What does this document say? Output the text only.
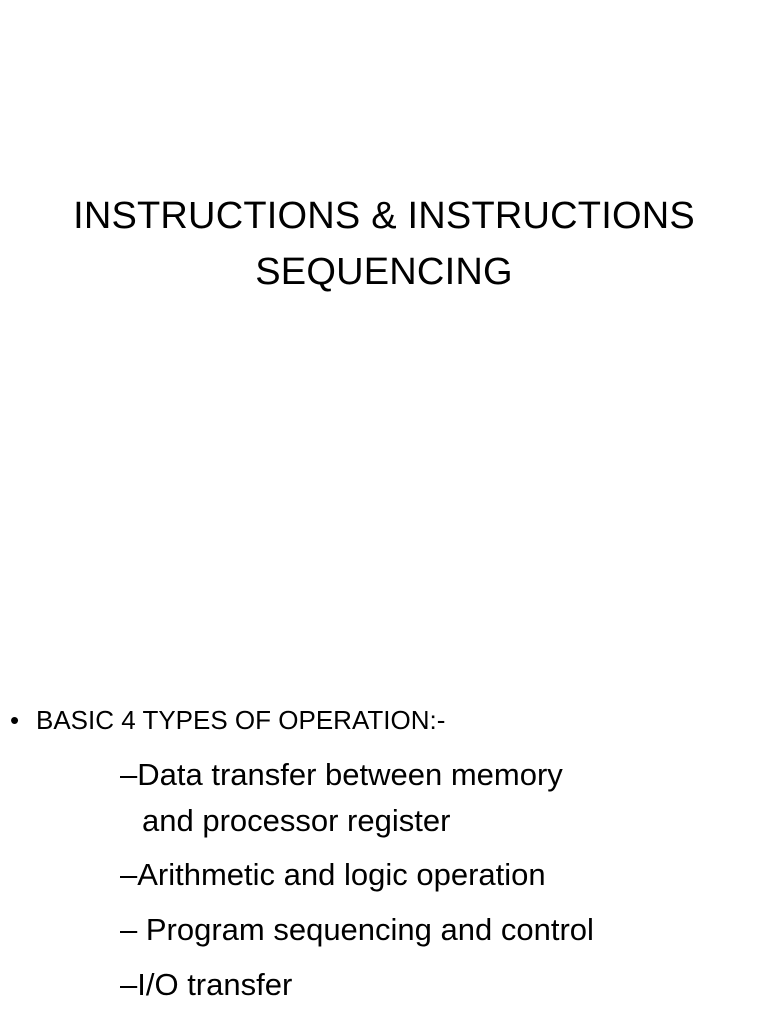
INSTRUCTIONS & INSTRUCTIONS
SEQUENCING
• BASIC 4 TYPES OF OPERATION:-
–Data transfer between memory
and processor register
–Arithmetic and logic operation
– Program sequencing and control
–I/O transfer
